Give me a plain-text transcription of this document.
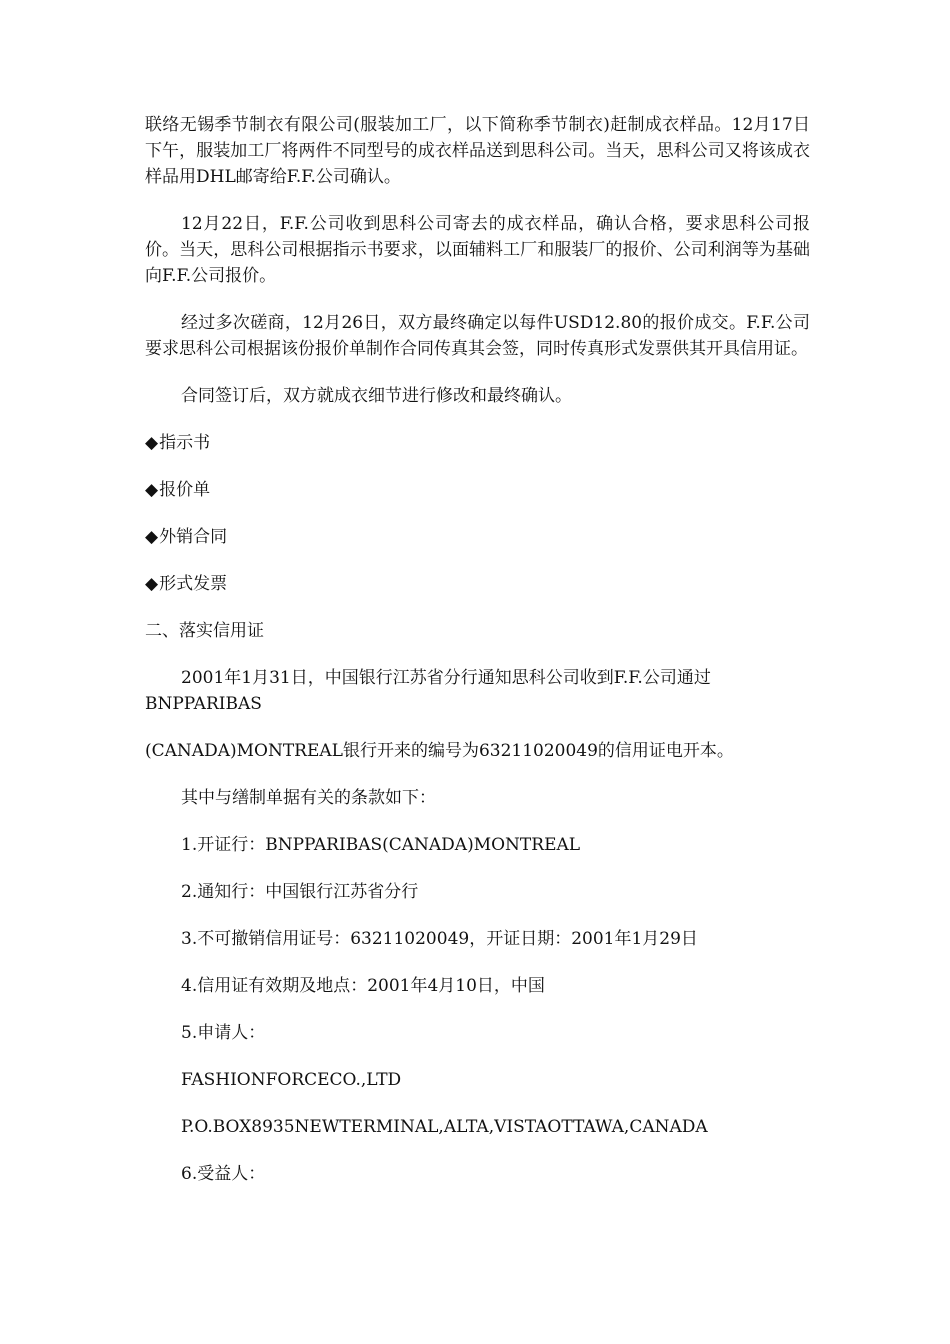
联络无锡季节制衣有限公司(服装加工厂，以下简称季节制衣)赶制成衣样品。12月17日下午，服装加工厂将两件不同型号的成衣样品送到思科公司。当天，思科公司又将该成衣样品用DHL邮寄给F.F.公司确认。

12月22日，F.F.公司收到思科公司寄去的成衣样品，确认合格，要求思科公司报价。当天，思科公司根据指示书要求，以面辅料工厂和服装厂的报价、公司利润等为基础向F.F.公司报价。

经过多次磋商，12月26日，双方最终确定以每件USD12.80的报价成交。F.F.公司要求思科公司根据该份报价单制作合同传真其会签，同时传真形式发票供其开具信用证。

合同签订后，双方就成衣细节进行修改和最终确认。

◆指示书
◆报价单
◆外销合同
◆形式发票
二、落实信用证

2001年1月31日，中国银行江苏省分行通知思科公司收到F.F.公司通过

BNPPARIBAS

(CANADA)MONTREAL银行开来的编号为63211020049的信用证电开本。

其中与缮制单据有关的条款如下：
1.开证行：BNPPARIBAS(CANADA)MONTREAL
2.通知行：中国银行江苏省分行
3.不可撤销信用证号：63211020049，开证日期：2001年1月29日
4.信用证有效期及地点：2001年4月10日，中国
5.申请人：
FASHIONFORCECO.,LTD
P.O.BOX8935NEWTERMINAL,ALTA,VISTAOTTAWA,CANADA
6.受益人：
